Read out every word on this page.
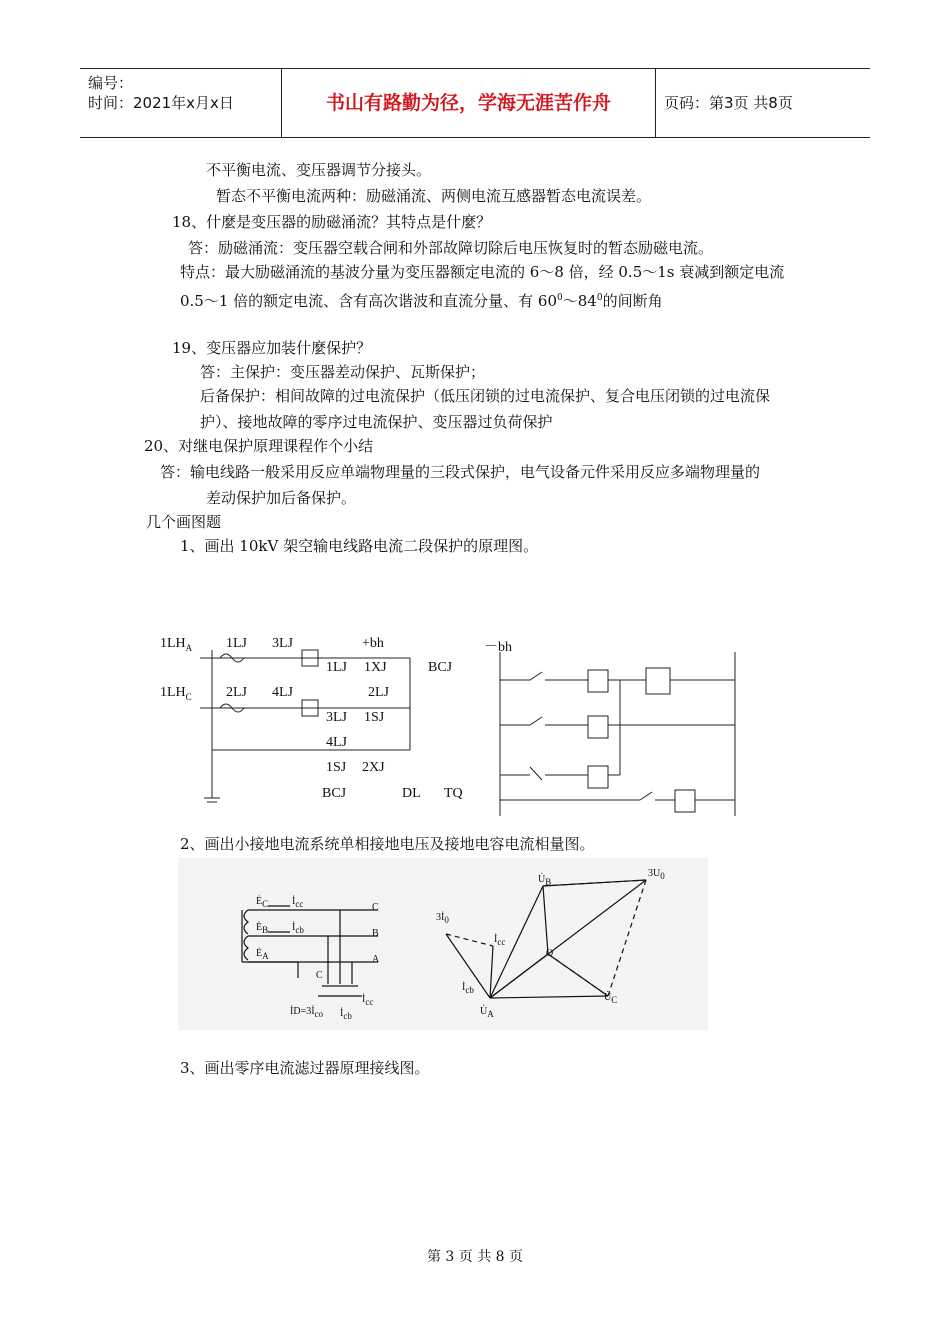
编号：
时间：2021年x月x日	书山有路勤为径，学海无涯苦作舟	页码：第3页 共8页
不平衡电流、变压器调节分接头。
暂态不平衡电流两种：励磁涌流、两侧电流互感器暂态电流误差。
18、什麼是变压器的励磁涌流？其特点是什麼？
答：励磁涌流：变压器空载合闸和外部故障切除后电压恢复时的暂态励磁电流。
特点：最大励磁涌流的基波分量为变压器额定电流的 6～8 倍，经 0.5～1s 衰减到额定电流
0.5～1 倍的额定电流、含有高次谐波和直流分量、有 $60^0\sim 84^0$的间断角
19、变压器应加装什麼保护？
答：主保护：变压器差动保护、瓦斯保护；
后备保护：相间故障的过电流保护（低压闭锁的过电流保护、复合电压闭锁的过电流保
护）、接地故障的零序过电流保护、变压器过负荷保护
20、对继电保护原理课程作个小结
答：输电线路一般采用反应单端物理量的三段式保护，电气设备元件采用反应多端物理量的
差动保护加后备保护。
几个画图题
1、画出 10kV 架空输电线路电流二段保护的原理图。
$1LH_A$ 1LJ 3LJ	+bh	－bh
1LJ 1XJ	BCJ
$1LH_C$ 2LJ 4LJ	2LJ
3LJ 1SJ
4LJ
1SJ 2XJ
BCJ	DL TQ
2、画出小接地电流系统单相接地电压及接地电容电流相量图。
$Ė_C$
$Ė_B$
$Ė_A$
$İ_{cc}$
$İ_{cb}$
C
B
A
C
$İD=3İ_{co}$ $İ_{cb}$
$İ_{cc}$
$U̇_B$
$3U_0$
$3İ_0$
$İ_{cc}$
O
$İ_{cb}$
$U̇_C$
$U̇_A$
3、画出零序电流滤过器原理接线图。
第 3 页 共 8 页
